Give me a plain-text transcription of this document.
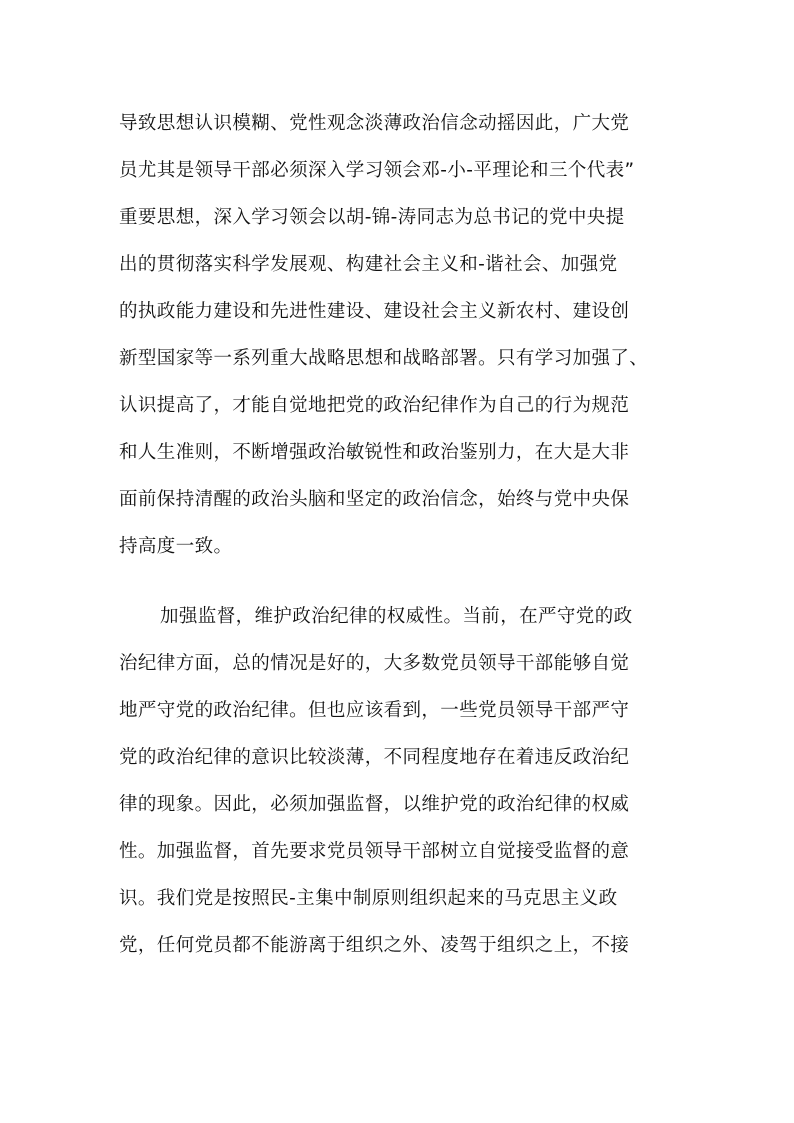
导致思想认识模糊、党性观念淡薄政治信念动摇因此，广大党
员尤其是领导干部必须深入学习领会邓-小-平理论和三个代表”
重要思想，深入学习领会以胡-锦-涛同志为总书记的党中央提
出的贯彻落实科学发展观、构建社会主义和-谐社会、加强党
的执政能力建设和先进性建设、建设社会主义新农村、建设创
新型国家等一系列重大战略思想和战略部署。只有学习加强了、
认识提高了，才能自觉地把党的政治纪律作为自己的行为规范
和人生准则，不断增强政治敏锐性和政治鉴别力，在大是大非
面前保持清醒的政治头脑和坚定的政治信念，始终与党中央保
持高度一致。
加强监督，维护政治纪律的权威性。当前，在严守党的政
治纪律方面，总的情况是好的，大多数党员领导干部能够自觉
地严守党的政治纪律。但也应该看到，一些党员领导干部严守
党的政治纪律的意识比较淡薄，不同程度地存在着违反政治纪
律的现象。因此，必须加强监督，以维护党的政治纪律的权威
性。加强监督，首先要求党员领导干部树立自觉接受监督的意
识。我们党是按照民-主集中制原则组织起来的马克思主义政
党，任何党员都不能游离于组织之外、凌驾于组织之上，不接
